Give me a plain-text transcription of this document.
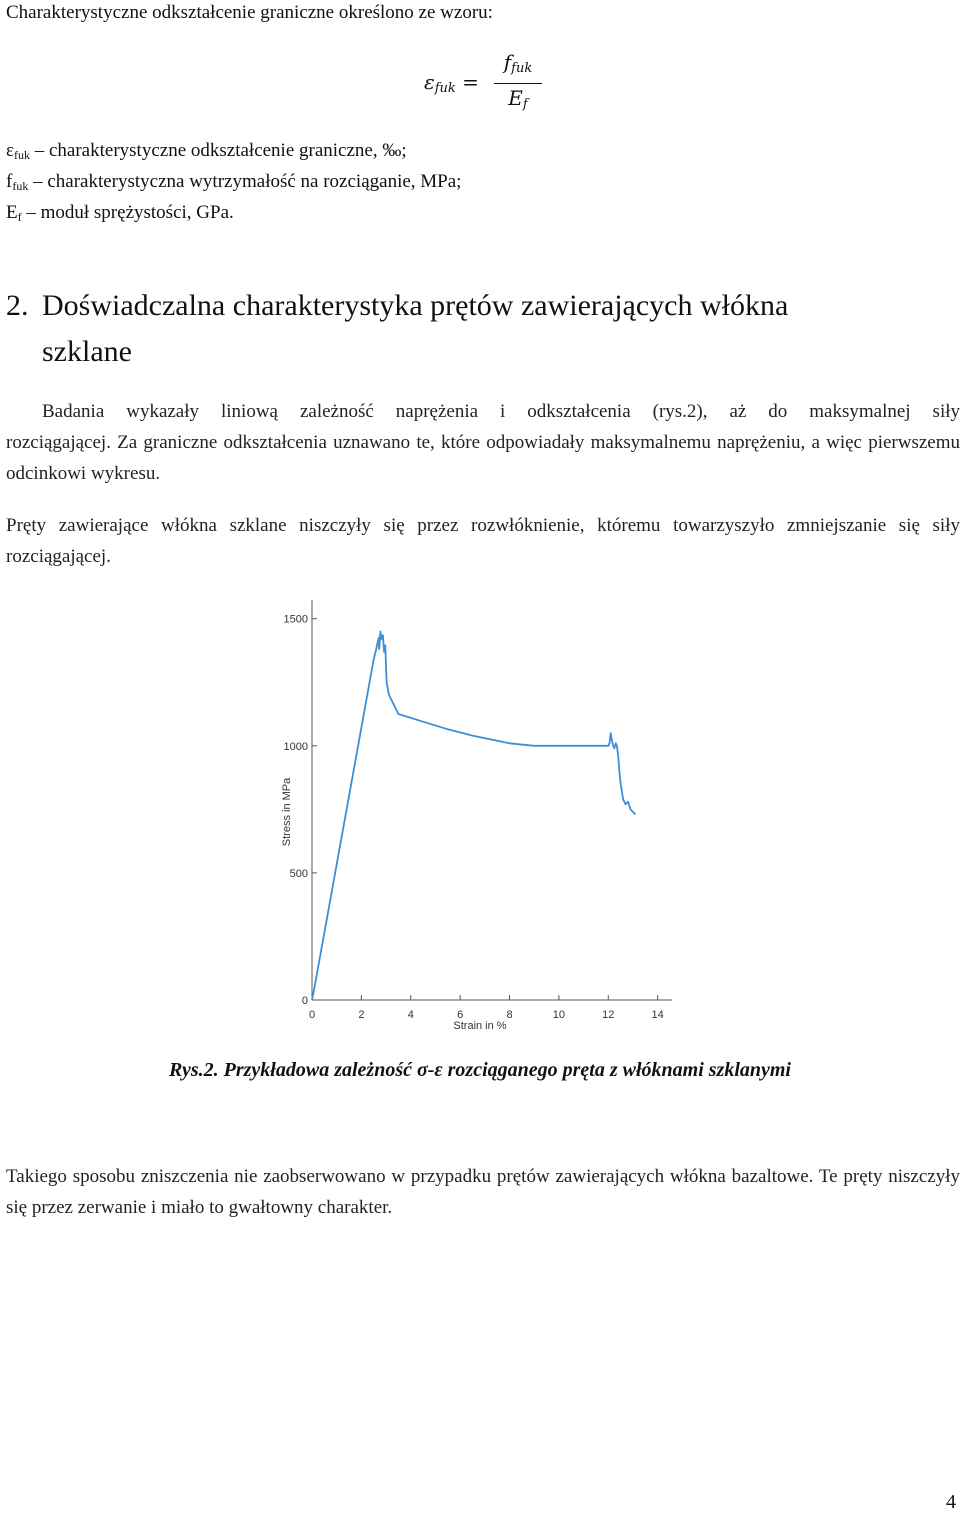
Charakterystyczne odkształcenie graniczne określono ze wzoru:
$\varepsilon_{fuk}$ =
$f_{fuk}$
$E_f$
$\varepsilon_{fuk}$ – charakterystyczne odkształcenie graniczne, ‰;
$f_{fuk}$ – charakterystyczna wytrzymałość na rozciąganie, MPa;
$E_f$ – moduł sprężystości, GPa.
2. Doświadczalna charakterystyka prętów zawierających włókna
szklane
Badania wykazały liniową zależność naprężenia i odkształcenia (rys.2), aż do maksymalnej siły
rozciągającej. Za graniczne odkształcenia uznawano te, które odpowiadały maksymalnemu naprężeniu, a więc pierwszemu odcinkowi wykresu.
Pręty zawierające włókna szklane niszczyły się przez rozwłóknienie, któremu towarzyszyło zmniejszanie się siły rozciągającej.
0	2	4	6	8	10	12	14
0
500
1000
1500
Strain in %
Stress in MPa
Rys.2. Przykładowa zależność σ-ε rozciąganego pręta z włóknami szklanymi
Takiego sposobu zniszczenia nie zaobserwowano w przypadku prętów zawierających włókna bazaltowe. Te pręty niszczyły się przez zerwanie i miało to gwałtowny charakter.
4
